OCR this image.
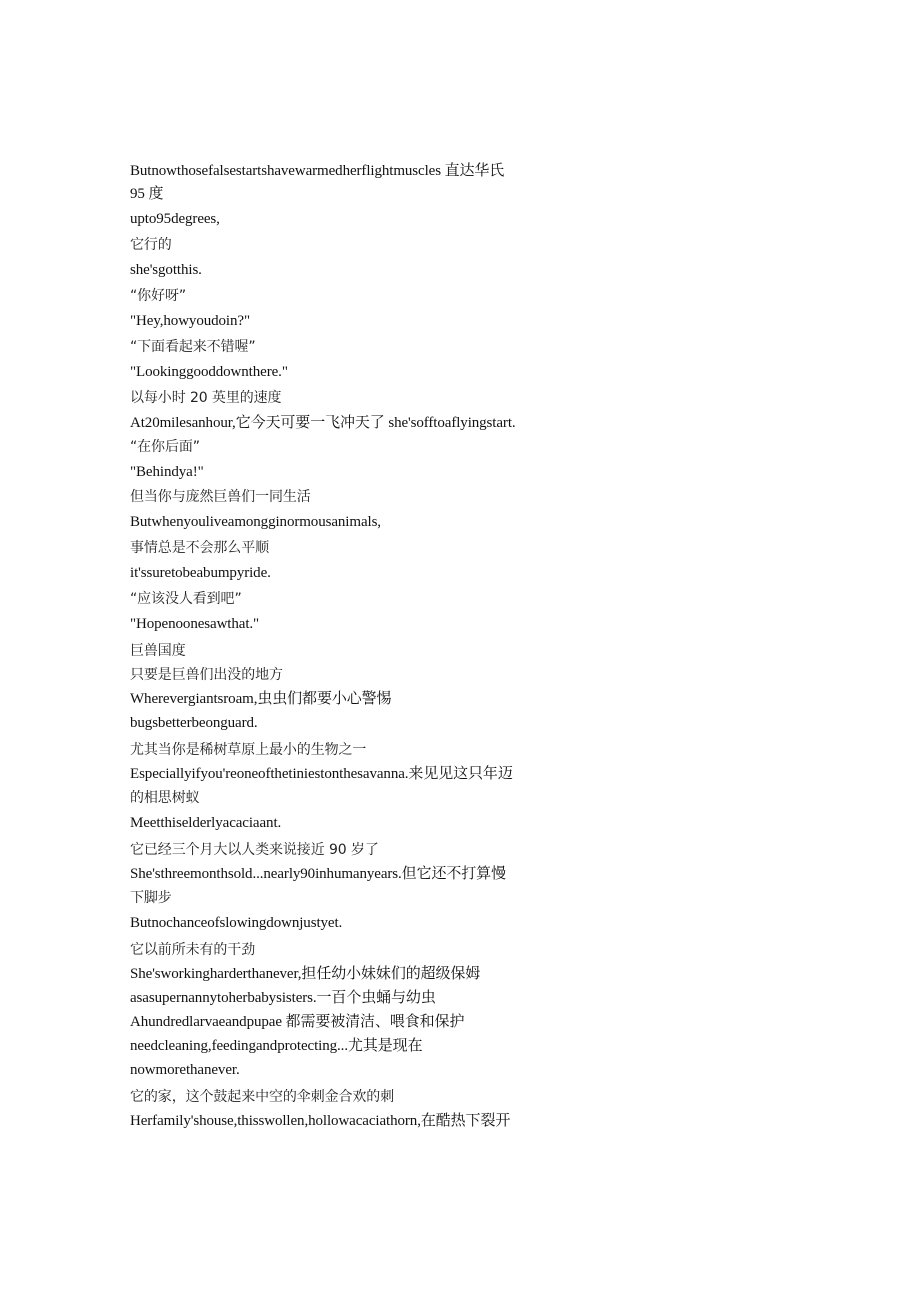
Butnowthosefalsestartshavewarmedherflightmuscles 直达华氏
95 度
upto95degrees,
它行的
she'sgotthis.
“你好呀”
"Hey,howyoudoin?"
“下面看起来不错喔”
"Lookinggooddownthere."
以每小时 20 英里的速度
At20milesanhour,它今天可要一飞冲天了 she'sofftoaflyingstart.
“在你后面”
"Behindya!"
但当你与庞然巨兽们一同生活
Butwhenyouliveamongginormousanimals,
事情总是不会那么平顺
it'ssuretobeabumpyride.
“应该没人看到吧”
"Hopenoonesawthat."
巨兽国度
只要是巨兽们出没的地方
Wherevergiantsroam,虫虫们都要小心警惕
bugsbetterbeonguard.
尤其当你是稀树草原上最小的生物之一
Especiallyifyou'reoneofthetiniestonthesavanna.来见见这只年迈
的相思树蚁
Meetthiselderlyacaciaant.
它已经三个月大以人类来说接近 90 岁了
She'sthreemonthsold...nearly90inhumanyears.但它还不打算慢
下脚步
Butnochanceofslowingdownjustyet.
它以前所未有的干劲
She'sworkingharderthanever,担任幼小妹妹们的超级保姆
asasupernannytoherbabysisters.一百个虫蛹与幼虫
Ahundredlarvaeandpupae 都需要被清洁、喂食和保护
needcleaning,feedingandprotecting...尤其是现在
nowmorethanever.
它的家，这个鼓起来中空的伞刺金合欢的刺
Herfamily'shouse,thisswollen,hollowacaciathorn,在酷热下裂开
